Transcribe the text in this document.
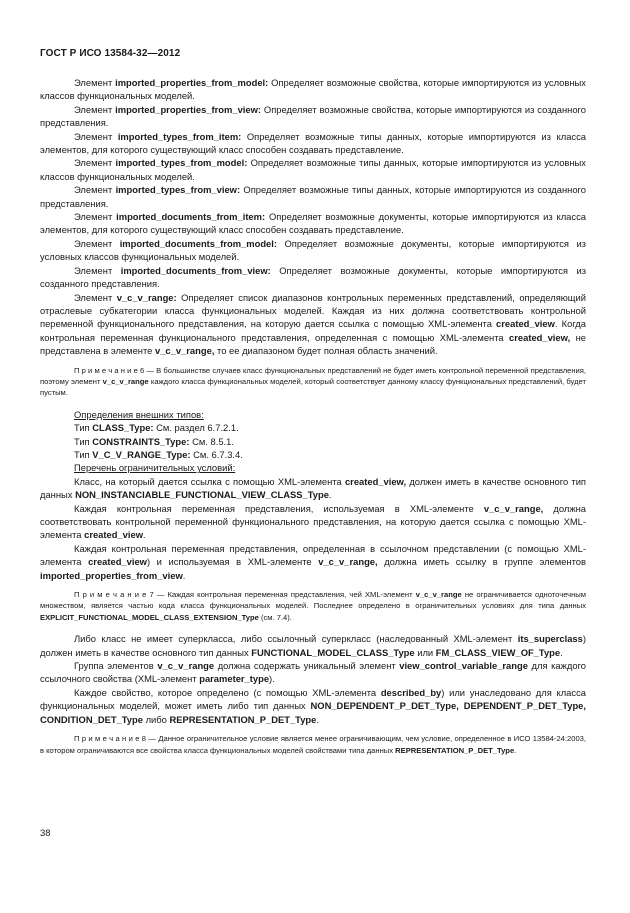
ГОСТ Р ИСО 13584-32—2012

Элемент imported_properties_from_model: Определяет возможные свойства, которые импортируются из условных классов функциональных моделей.

Элемент imported_properties_from_view: Определяет возможные свойства, которые импортируются из созданного представления.

Элемент imported_types_from_item: Определяет возможные типы данных, которые импортируются из класса элементов, для которого существующий класс способен создавать представление.

Элемент imported_types_from_model: Определяет возможные типы данных, которые импортируются из условных классов функциональных моделей.

Элемент imported_types_from_view: Определяет возможные типы данных, которые импортируются из созданного представления.

Элемент imported_documents_from_item: Определяет возможные документы, которые импортируются из класса элементов, для которого существующий класс способен создавать представление.

Элемент imported_documents_from_model: Определяет возможные документы, которые импортируются из условных классов функциональных моделей.

Элемент imported_documents_from_view: Определяет возможные документы, которые импортируются из созданного представления.

Элемент v_c_v_range: Определяет список диапазонов контрольных переменных представлений, определяющий отраслевые субкатегории класса функциональных моделей. Каждая из них должна соответствовать контрольной переменной функционального представления, на которую дается ссылка с помощью XML-элемента created_view. Когда контрольная переменная функционального представления, определенная с помощью XML-элемента created_view, не представлена в элементе v_c_v_range, то ее диапазоном будет полная область значений.

П р и м е ч а н и е 6 — В большинстве случаев класс функциональных представлений не будет иметь контрольной переменной представления, поэтому элемент v_c_v_range каждого класса функциональных моделей, который соответствует данному классу функциональных представлений, будет пустым.

Определения внешних типов:
Тип CLASS_Type: См. раздел 6.7.2.1.
Тип CONSTRAINTS_Type: См. 8.5.1.
Тип V_C_V_RANGE_Type: См. 6.7.3.4.
Перечень ограничительных условий:

Класс, на который дается ссылка с помощью XML-элемента created_view, должен иметь в качестве основного тип данных NON_INSTANCIABLE_FUNCTIONAL_VIEW_CLASS_Type.

Каждая контрольная переменная представления, используемая в XML-элементе v_c_v_range, должна соответствовать контрольной переменной функционального представления, на которую дается ссылка с помощью XML-элемента created_view.

Каждая контрольная переменная представления, определенная в ссылочном представлении (с помощью XML-элемента created_view) и используемая в XML-элементе v_c_v_range, должна иметь ссылку в группе элементов imported_properties_from_view.

П р и м е ч а н и е 7 — Каждая контрольная переменная представления, чей XML-элемент v_c_v_range не ограничивается одноточечным множеством, является частью кода класса функциональных моделей. Последнее определено в ограничительных условиях для типа данных EXPLICIT_FUNCTIONAL_MODEL_CLASS_EXTENSION_Type (см. 7.4).

Либо класс не имеет суперкласса, либо ссылочный суперкласс (наследованный XML-элемент its_superclass) должен иметь в качестве основного тип данных FUNCTIONAL_MODEL_CLASS_Type или FM_CLASS_VIEW_OF_Type.

Группа элементов v_c_v_range должна содержать уникальный элемент view_control_variable_range для каждого ссылочного свойства (XML-элемент parameter_type).

Каждое свойство, которое определено (с помощью XML-элемента described_by) или унаследовано для класса функциональных моделей, может иметь либо тип данных NON_DEPENDENT_P_DET_Type, DEPENDENT_P_DET_Type, CONDITION_DET_Type либо REPRESENTATION_P_DET_Type.

П р и м е ч а н и е 8 — Данное ограничительное условие является менее ограничивающим, чем условие, определенное в ИСО 13584-24:2003, в котором ограничиваются все свойства класса функциональных моделей свойствами типа данных REPRESENTATION_P_DET_Type.

38
